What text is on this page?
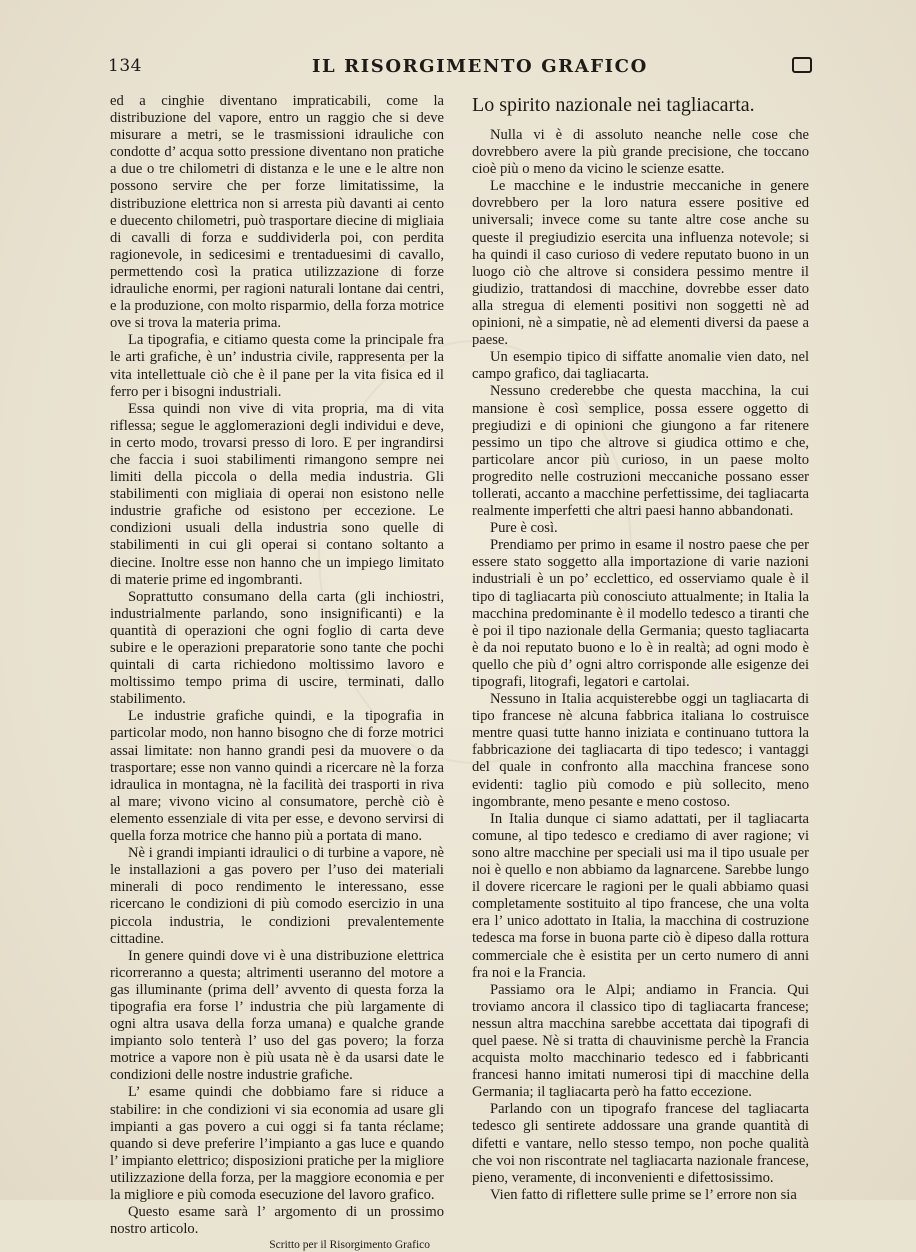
134	IL RISORGIMENTO GRAFICO

ed a cinghie diventano impraticabili, come la distribuzione del vapore, entro un raggio che si deve misurare a metri, se le trasmissioni idrauliche con condotte d’ acqua sotto pressione diventano non pratiche a due o tre chilometri di distanza e le une e le altre non possono servire che per forze limitatissime, la distribuzione elettrica non si arresta più davanti ai cento e duecento chilometri, può trasportare diecine di migliaia di cavalli di forza e suddividerla poi, con perdita ragionevole, in sedicesimi e trentaduesimi di cavallo, permettendo così la pratica utilizzazione di forze idrauliche enormi, per ragioni naturali lontane dai centri, e la produzione, con molto risparmio, della forza motrice ove si trova la materia prima.

La tipografia, e citiamo questa come la principale fra le arti grafiche, è un’ industria civile, rappresenta per la vita intellettuale ciò che è il pane per la vita fisica ed il ferro per i bisogni industriali.

Essa quindi non vive di vita propria, ma di vita riflessa; segue le agglomerazioni degli individui e deve, in certo modo, trovarsi presso di loro. E per ingrandirsi che faccia i suoi stabilimenti rimangono sempre nei limiti della piccola o della media industria. Gli stabilimenti con migliaia di operai non esistono nelle industrie grafiche od esistono per eccezione. Le condizioni usuali della industria sono quelle di stabilimenti in cui gli operai si contano soltanto a diecine. Inoltre esse non hanno che un impiego limitato di materie prime ed ingombranti.

Soprattutto consumano della carta (gli inchiostri, industrialmente parlando, sono insignificanti) e la quantità di operazioni che ogni foglio di carta deve subire e le operazioni preparatorie sono tante che pochi quintali di carta richiedono moltissimo lavoro e moltissimo tempo prima di uscire, terminati, dallo stabilimento.

Le industrie grafiche quindi, e la tipografia in particolar modo, non hanno bisogno che di forze motrici assai limitate: non hanno grandi pesi da muovere o da trasportare; esse non vanno quindi a ricercare nè la forza idraulica in montagna, nè la facilità dei trasporti in riva al mare; vivono vicino al consumatore, perchè ciò è elemento essenziale di vita per esse, e devono servirsi di quella forza motrice che hanno più a portata di mano.

Nè i grandi impianti idraulici o di turbine a vapore, nè le installazioni a gas povero per l’uso dei materiali minerali di poco rendimento le interessano, esse ricercano le condizioni di più comodo esercizio in una piccola industria, le condizioni prevalentemente cittadine.

In genere quindi dove vi è una distribuzione elettrica ricorreranno a questa; altrimenti useranno del motore a gas illuminante (prima dell’ avvento di questa forza la tipografia era forse l’ industria che più largamente di ogni altra usava della forza umana) e qualche grande impianto solo tenterà l’ uso del gas povero; la forza motrice a vapore non è più usata nè è da usarsi date le condizioni delle nostre industrie grafiche.

L’ esame quindi che dobbiamo fare si riduce a stabilire: in che condizioni vi sia economia ad usare gli impianti a gas povero a cui oggi si fa tanta réclame; quando si deve preferire l’impianto a gas luce e quando l’ impianto elettrico; disposizioni pratiche per la migliore utilizzazione della forza, per la maggiore economia e per la migliore e più comoda esecuzione del lavoro grafico.

Questo esame sarà l’ argomento di un prossimo nostro articolo.

Scritto per il Risorgimento Grafico

Lo spirito nazionale nei tagliacarta.

Nulla vi è di assoluto neanche nelle cose che dovrebbero avere la più grande precisione, che toccano cioè più o meno da vicino le scienze esatte.

Le macchine e le industrie meccaniche in genere dovrebbero per la loro natura essere positive ed universali; invece come su tante altre cose anche su queste il pregiudizio esercita una influenza notevole; si ha quindi il caso curioso di vedere reputato buono in un luogo ciò che altrove si considera pessimo mentre il giudizio, trattandosi di macchine, dovrebbe esser dato alla stregua di elementi positivi non soggetti nè ad opinioni, nè a simpatie, nè ad elementi diversi da paese a paese.

Un esempio tipico di siffatte anomalie vien dato, nel campo grafico, dai tagliacarta.

Nessuno crederebbe che questa macchina, la cui mansione è così semplice, possa essere oggetto di pregiudizi e di opinioni che giungono a far ritenere pessimo un tipo che altrove si giudica ottimo e che, particolare ancor più curioso, in un paese molto progredito nelle costruzioni meccaniche possano esser tollerati, accanto a macchine perfettissime, dei tagliacarta realmente imperfetti che altri paesi hanno abbandonati.

Pure è così.

Prendiamo per primo in esame il nostro paese che per essere stato soggetto alla importazione di varie nazioni industriali è un po’ ecclettico, ed osserviamo quale è il tipo di tagliacarta più conosciuto attualmente; in Italia la macchina predominante è il modello tedesco a tiranti che è poi il tipo nazionale della Germania; questo tagliacarta è da noi reputato buono e lo è in realtà; ad ogni modo è quello che più d’ ogni altro corrisponde alle esigenze dei tipografi, litografi, legatori e cartolai.

Nessuno in Italia acquisterebbe oggi un tagliacarta di tipo francese nè alcuna fabbrica italiana lo costruisce mentre quasi tutte hanno iniziata e continuano tuttora la fabbricazione dei tagliacarta di tipo tedesco; i vantaggi del quale in confronto alla macchina francese sono evidenti: taglio più comodo e più sollecito, meno ingombrante, meno pesante e meno costoso.

In Italia dunque ci siamo adattati, per il tagliacarta comune, al tipo tedesco e crediamo di aver ragione; vi sono altre macchine per speciali usi ma il tipo usuale per noi è quello e non abbiamo da lagnarcene. Sarebbe lungo il dovere ricercare le ragioni per le quali abbiamo quasi completamente sostituito al tipo francese, che una volta era l’ unico adottato in Italia, la macchina di costruzione tedesca ma forse in buona parte ciò è dipeso dalla rottura commerciale che è esistita per un certo numero di anni fra noi e la Francia.

Passiamo ora le Alpi; andiamo in Francia. Qui troviamo ancora il classico tipo di tagliacarta francese; nessun altra macchina sarebbe accettata dai tipografi di quel paese. Nè si tratta di chauvinisme perchè la Francia acquista molto macchinario tedesco ed i fabbricanti francesi hanno imitati numerosi tipi di macchine della Germania; il tagliacarta però ha fatto eccezione.

Parlando con un tipografo francese del tagliacarta tedesco gli sentirete addossare una grande quantità di difetti e vantare, nello stesso tempo, non poche qualità che voi non riscontrate nel tagliacarta nazionale francese, pieno, veramente, di inconvenienti e difettosissimo.

Vien fatto di riflettere sulle prime se l’ errore non sia
